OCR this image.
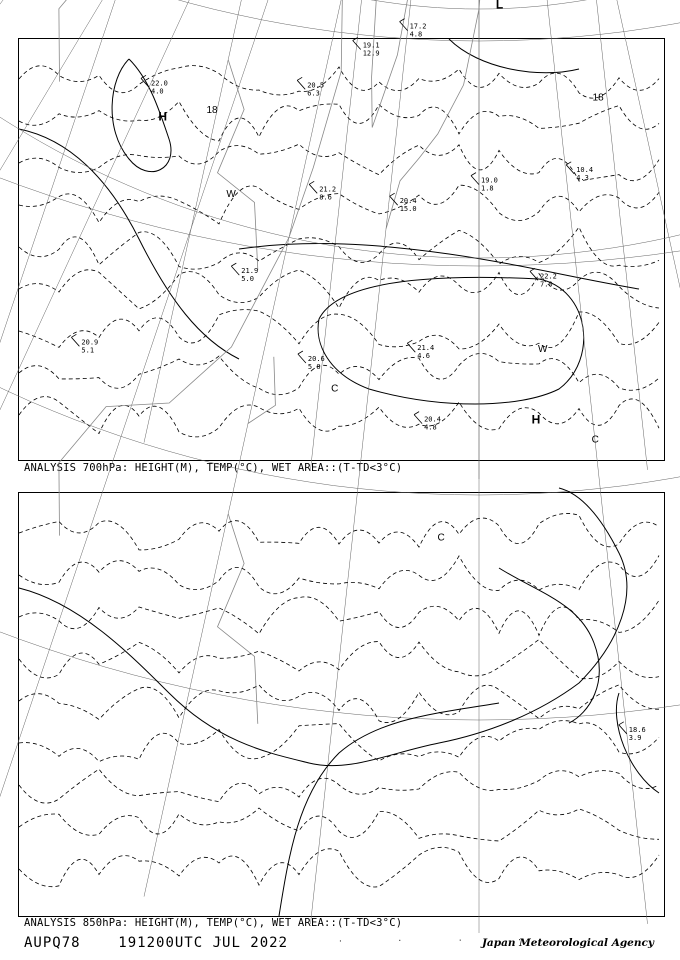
10.4
4.3
ANALYSIS 700hPa: HEIGHT(M), TEMP(°C), WET AREA::(T-TD<3°C)
18
18
17.2
4.8
19.1
12.9
20.5
6.3
22.0
4.0
21.2
8.6	20.4
15.0
19.0
1.8
21.9
5.0
20.6
5.0
21.4
4.6
20.4
4.8
22.2
7.0
20.9
5.1
18.6
3.9
W
W
C
C
C
H
L
H
ANALYSIS 850hPa: HEIGHT(M), TEMP(°C), WET AREA::(T-TD<3°C)
AUPQ78	191200UTC JUL 2022	Japan Meteorological Agency
